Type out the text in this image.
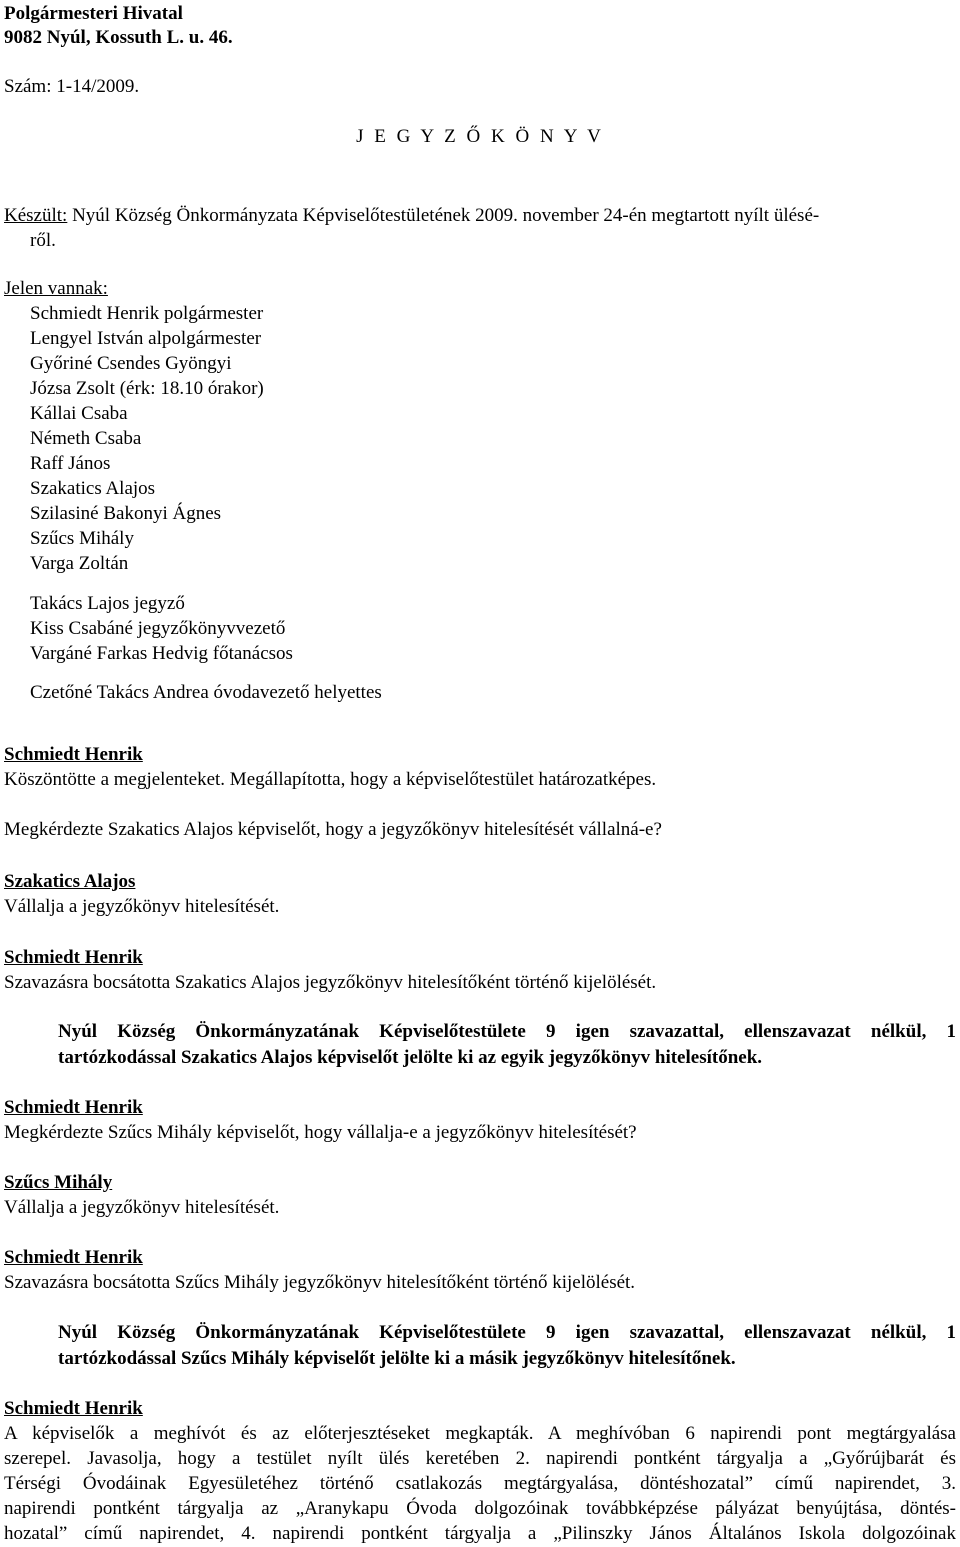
Polgármesteri Hivatal
9082 Nyúl, Kossuth L. u. 46.
Szám: 1-14/2009.
J E G Y Z Ő K Ö N Y V
Készült: Nyúl Község Önkormányzata Képviselőtestületének 2009. november 24-én megtartott nyílt ülésé-
ről.
Jelen vannak:
Schmiedt Henrik polgármester
Lengyel István alpolgármester
Győriné Csendes Gyöngyi
Józsa Zsolt (érk: 18.10 órakor)
Kállai Csaba
Németh Csaba
Raff János
Szakatics Alajos
Szilasiné Bakonyi Ágnes
Szűcs Mihály
Varga Zoltán
Takács Lajos jegyző
Kiss Csabáné jegyzőkönyvvezető
Vargáné Farkas Hedvig főtanácsos
Czetőné Takács Andrea óvodavezető helyettes
Schmiedt Henrik
Köszöntötte a megjelenteket. Megállapította, hogy a képviselőtestület határozatképes.
Megkérdezte Szakatics Alajos képviselőt, hogy a jegyzőkönyv hitelesítését vállalná-e?
Szakatics Alajos
Vállalja a jegyzőkönyv hitelesítését.
Schmiedt Henrik
Szavazásra bocsátotta Szakatics Alajos jegyzőkönyv hitelesítőként történő kijelölését.
Nyúl Község Önkormányzatának Képviselőtestülete 9 igen szavazattal, ellenszavazat nélkül, 1
tartózkodással Szakatics Alajos képviselőt jelölte ki az egyik jegyzőkönyv hitelesítőnek.
Schmiedt Henrik
Megkérdezte Szűcs Mihály képviselőt, hogy vállalja-e a jegyzőkönyv hitelesítését?
Szűcs Mihály
Vállalja a jegyzőkönyv hitelesítését.
Schmiedt Henrik
Szavazásra bocsátotta Szűcs Mihály jegyzőkönyv hitelesítőként történő kijelölését.
Nyúl Község Önkormányzatának Képviselőtestülete 9 igen szavazattal, ellenszavazat nélkül, 1
tartózkodással Szűcs Mihály képviselőt jelölte ki a másik jegyzőkönyv hitelesítőnek.
Schmiedt Henrik
A képviselők a meghívót és az előterjesztéseket megkapták. A meghívóban 6 napirendi pont megtárgyalása
szerepel. Javasolja, hogy a testület nyílt ülés keretében 2. napirendi pontként tárgyalja a „Győrújbarát és
Térségi Óvodáinak Egyesületéhez történő csatlakozás megtárgyalása, döntéshozatal” című napirendet, 3.
napirendi pontként tárgyalja az „Aranykapu Óvoda dolgozóinak továbbképzése pályázat benyújtása, döntés-
hozatal” című napirendet, 4. napirendi pontként tárgyalja a „Pilinszky János Általános Iskola dolgozóinak
